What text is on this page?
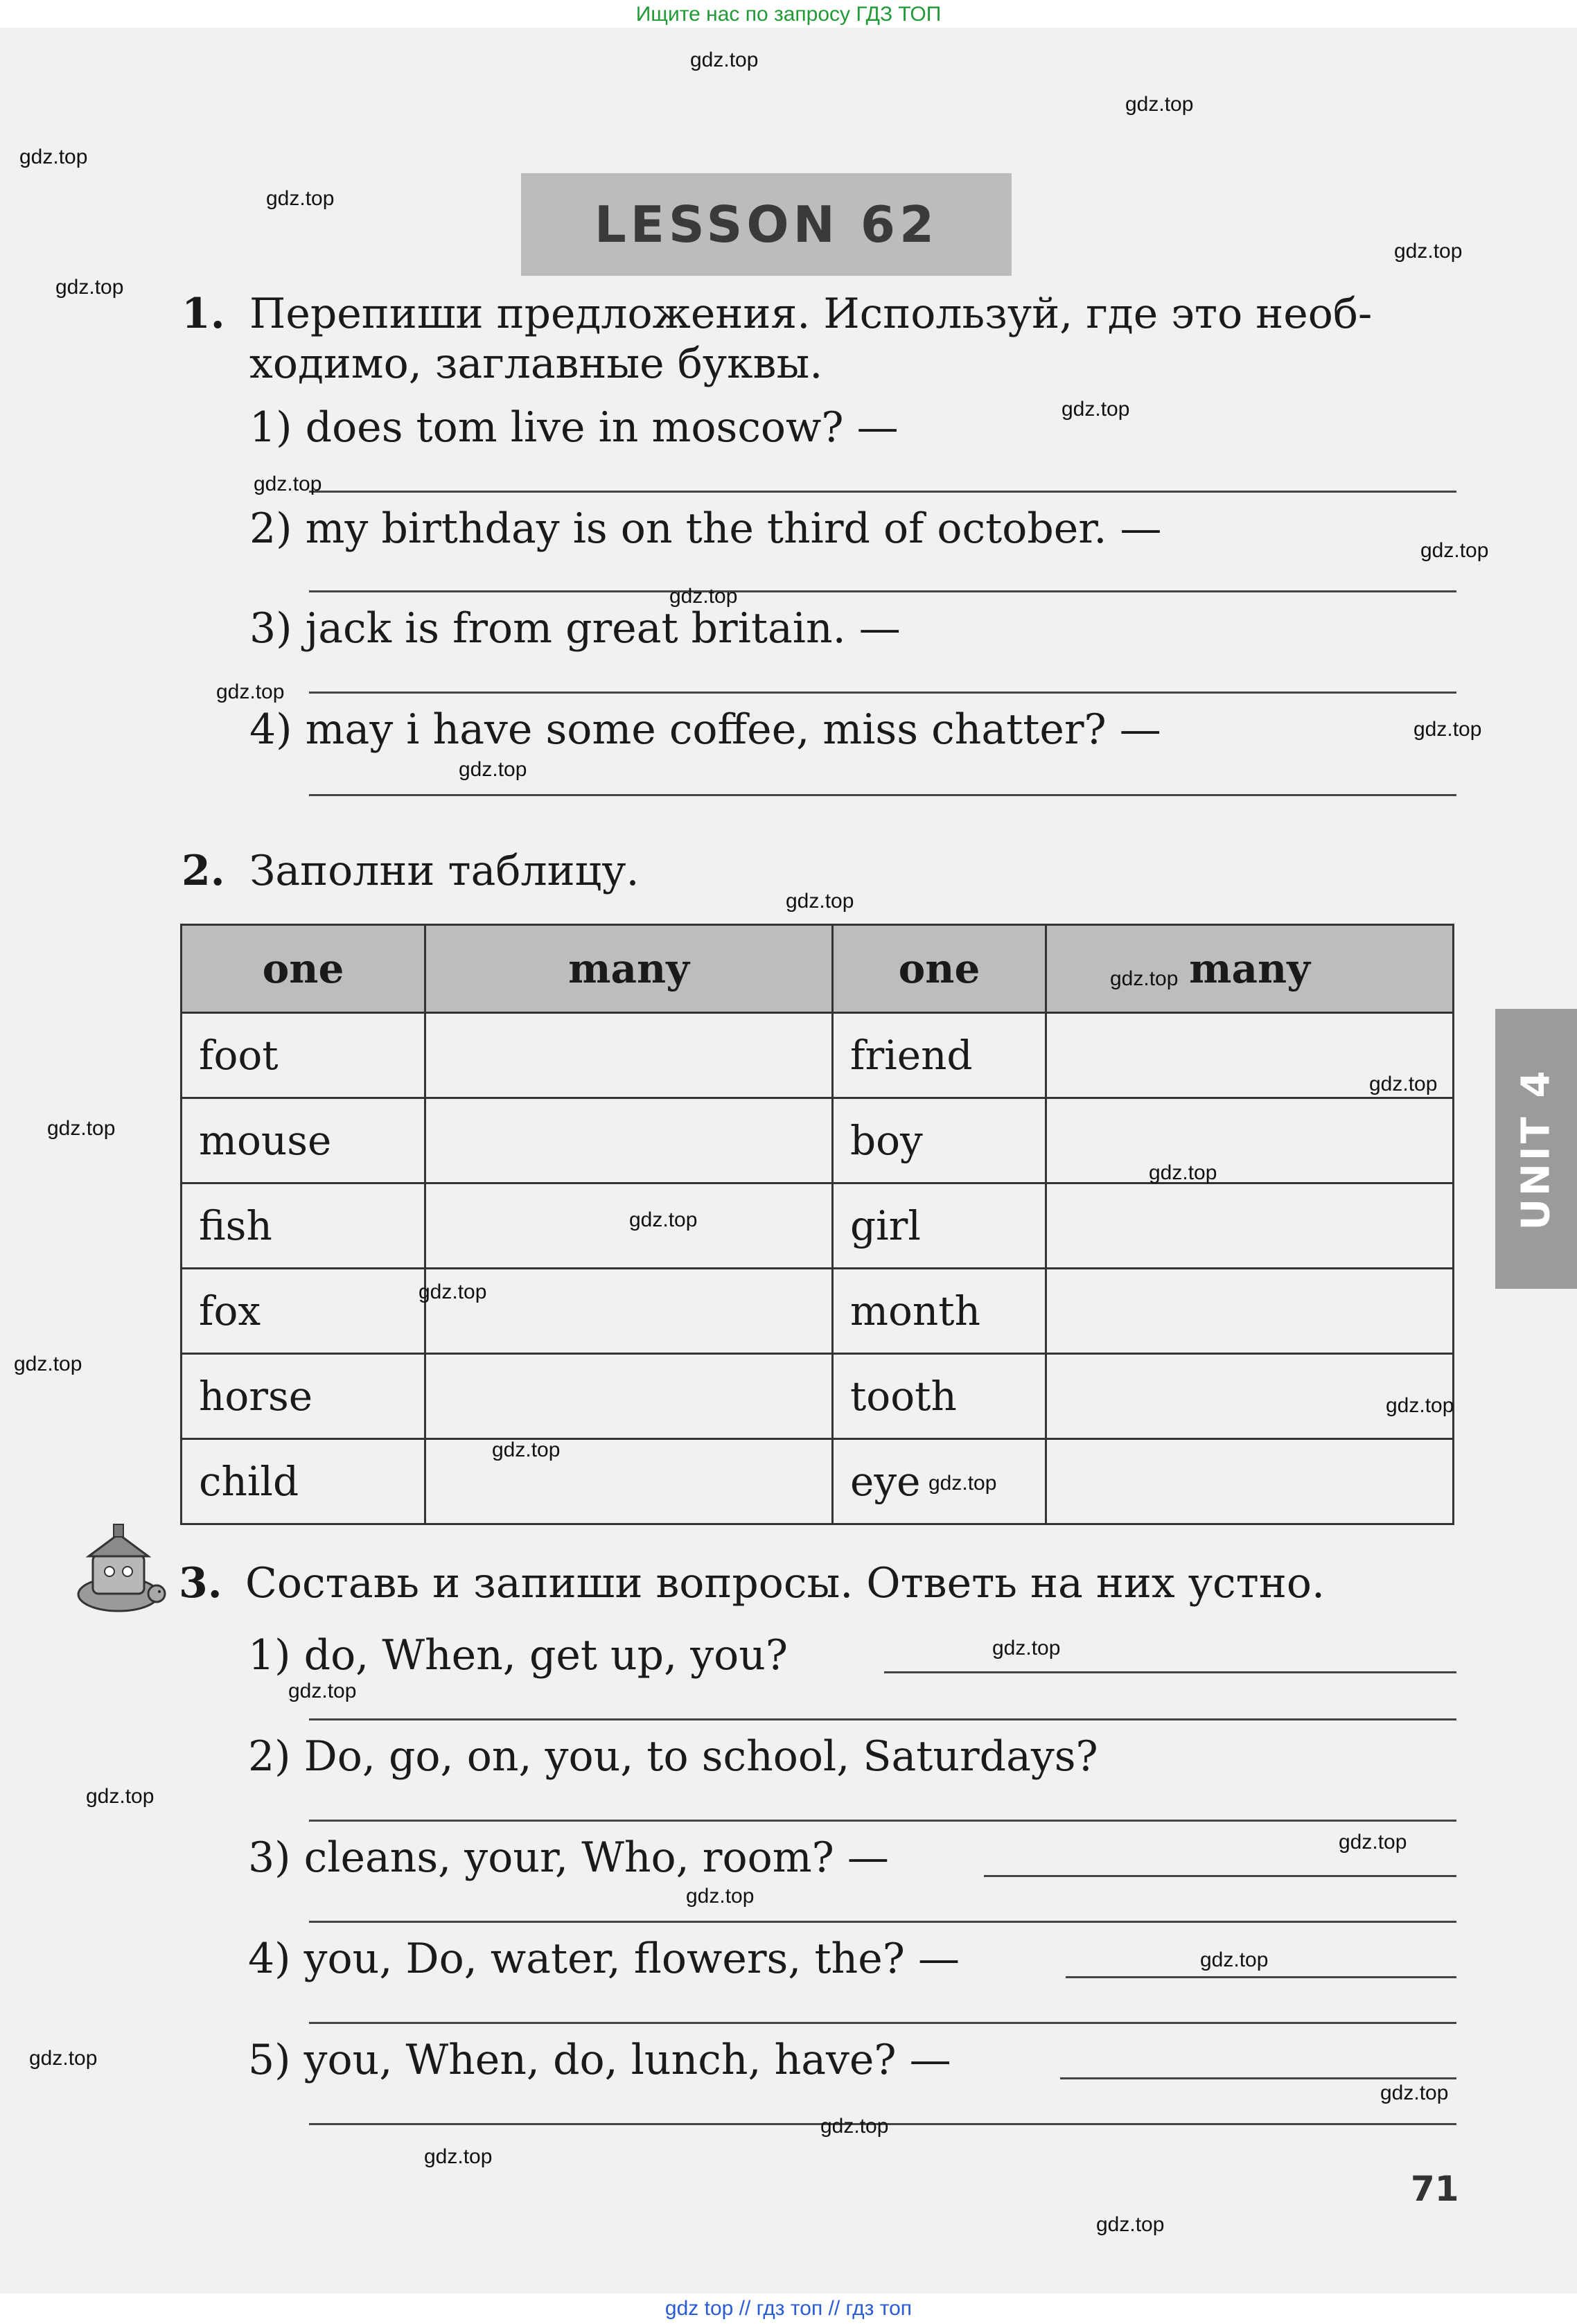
Ищите нас по запросу ГДЗ ТОП
LESSON 62
UNIT 4
1. Перепиши предложения. Используй, где это необ-
ходимо, заглавные буквы.
1) does tom live in moscow? —
2) my birthday is on the third of october. —
3) jack is from great britain. —
4) may i have some coffee, miss chatter? —
2. Заполни таблицу.
one	many	one	many
foot		friend	
mouse		boy	
fish		girl	
fox		month	
horse		tooth	
child		eye	
3. Составь и запиши вопросы. Ответь на них устно.
1) do, When, get up, you?
2) Do, go, on, you, to school, Saturdays?
3) cleans, your, Who, room? —
4) you, Do, water, flowers, the? —
5) you, When, do, lunch, have? —
71
gdz.top
gdz.top
gdz.top
gdz.top
gdz.top
gdz.top
gdz.top
gdz.top
gdz.top
gdz.top
gdz.top
gdz.top
gdz.top
gdz.top
gdz.top
gdz.top
gdz.top
gdz.top
gdz.top
gdz.top
gdz.top
gdz.top
gdz.top
gdz.top
gdz.top
gdz.top
gdz.top
gdz.top
gdz.top
gdz.top
gdz.top
gdz.top
gdz.top
gdz.top
gdz.top
gdz top // гдз топ // гдз топ
